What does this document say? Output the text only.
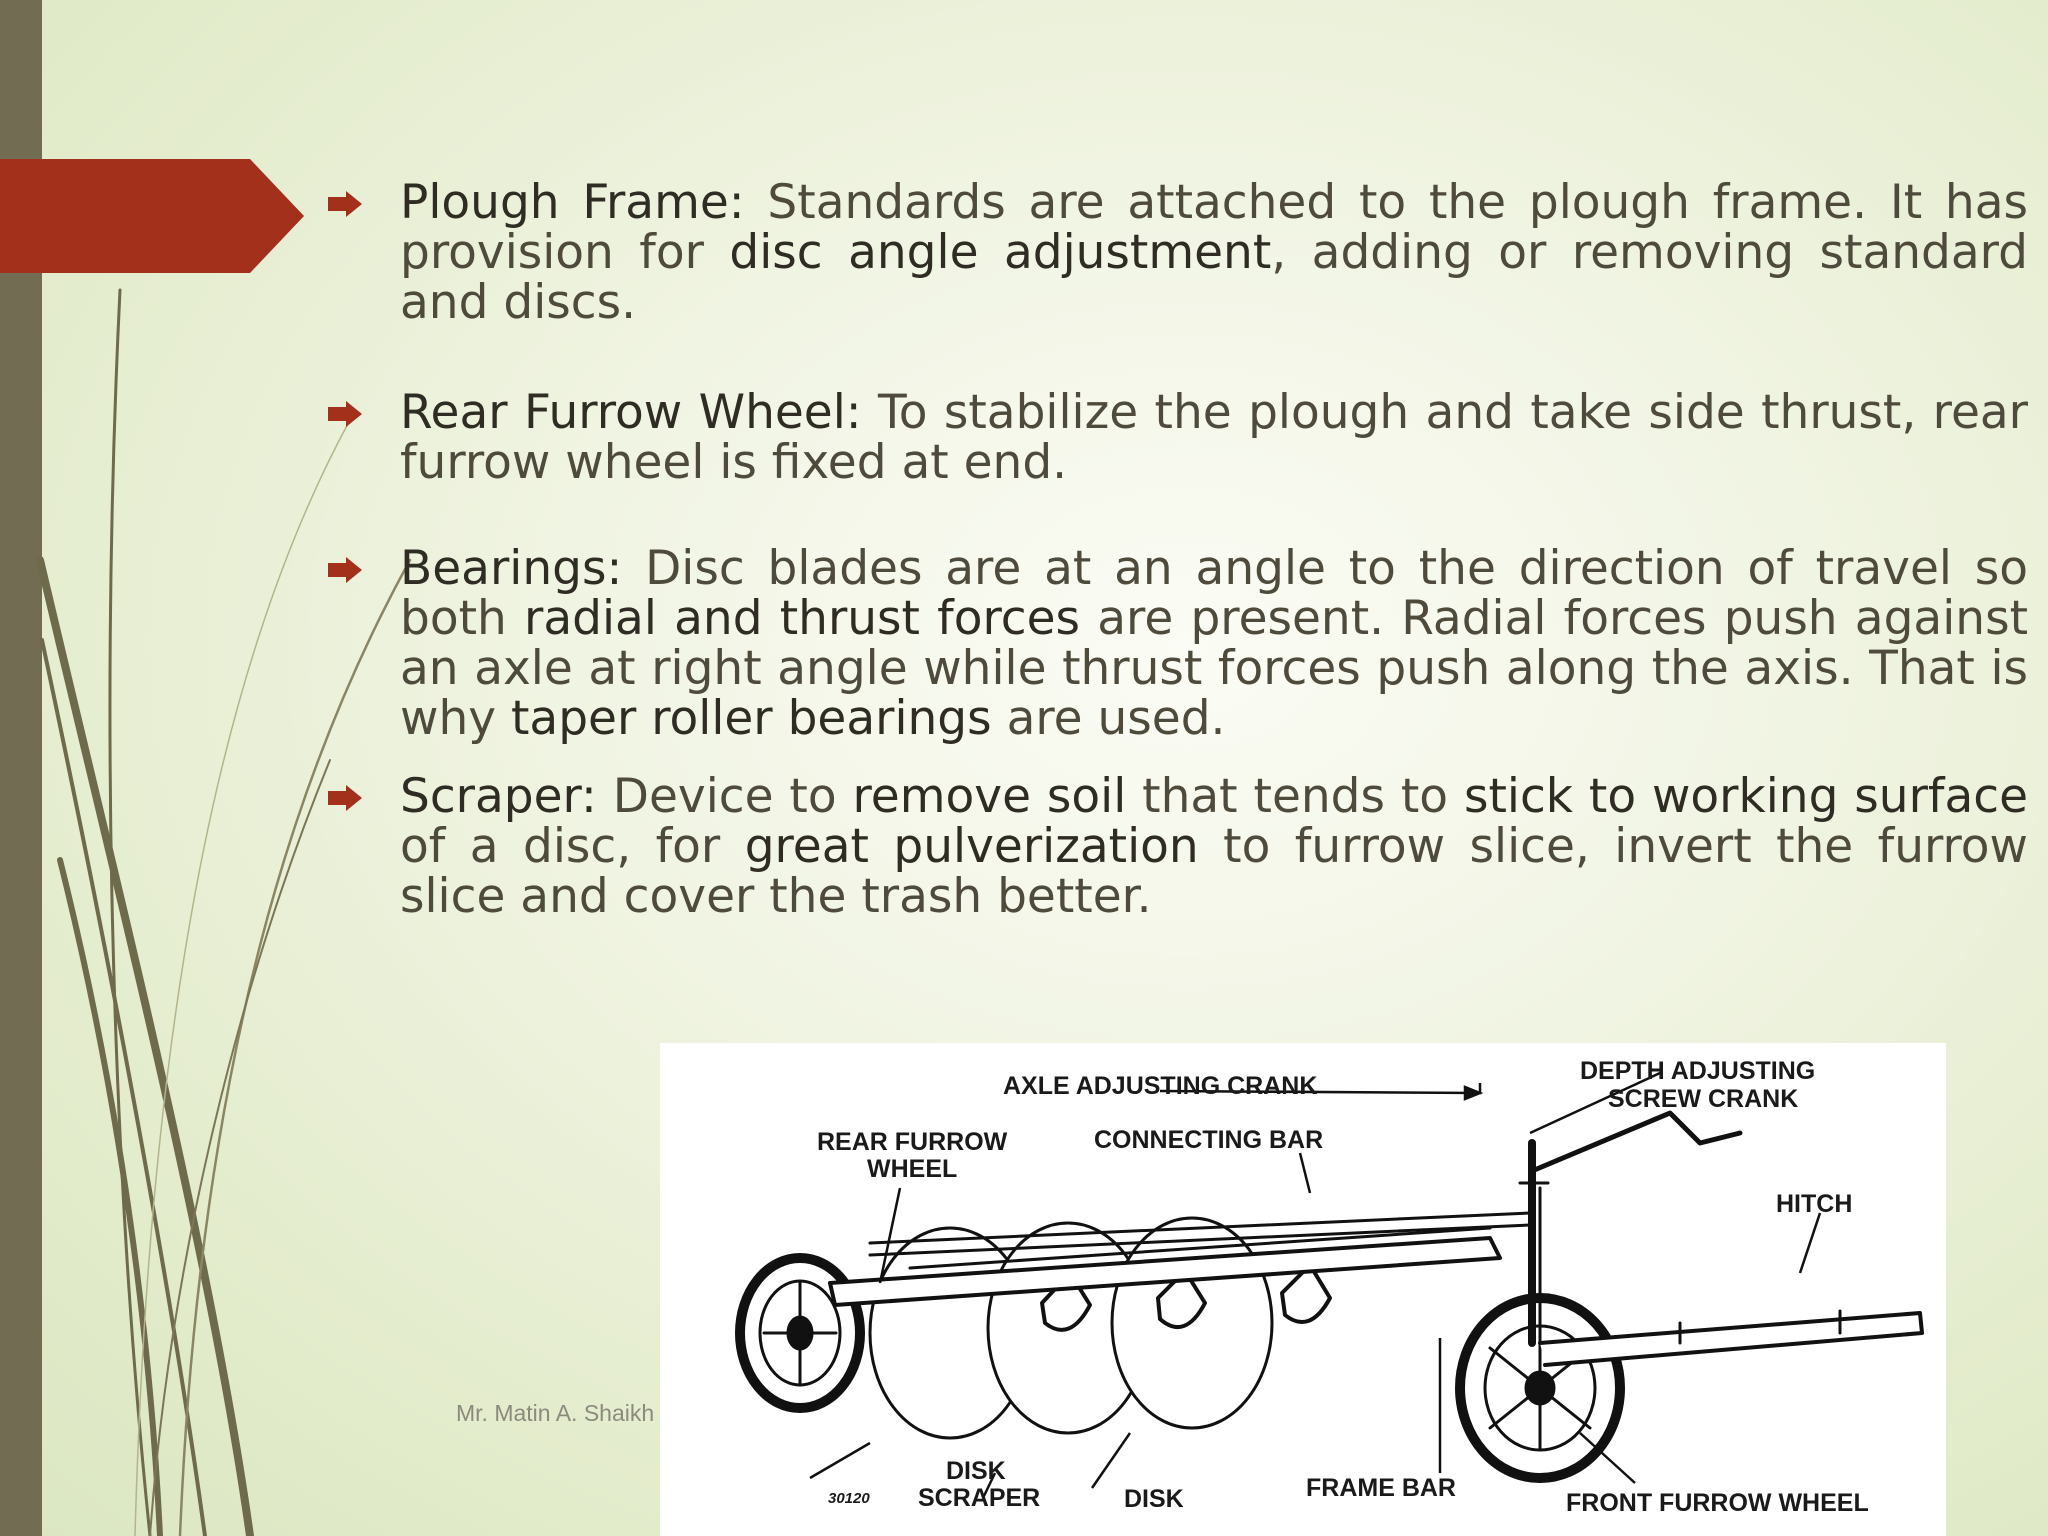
Plough Frame: Standards are attached to the plough frame. It has provision for disc angle adjustment, adding or removing standard and discs.
Rear Furrow Wheel: To stabilize the plough and take side thrust, rear furrow wheel is fixed at end.
Bearings: Disc blades are at an angle to the direction of travel so both radial and thrust forces are present. Radial forces push against an axle at right angle while thrust forces push along the axis. That is why taper roller bearings are used.
Scraper: Device to remove soil that tends to stick to working surface of a disc, for great pulverization to furrow slice, invert the furrow slice and cover the trash better.
Mr. Matin A. Shaikh
AXLE ADJUSTING CRANK
DEPTH ADJUSTING
SCREW CRANK
REAR FURROW
WHEEL
CONNECTING BAR
HITCH
DISK
SCRAPER	DISK	FRAME BAR
FRONT FURROW WHEEL
30120
